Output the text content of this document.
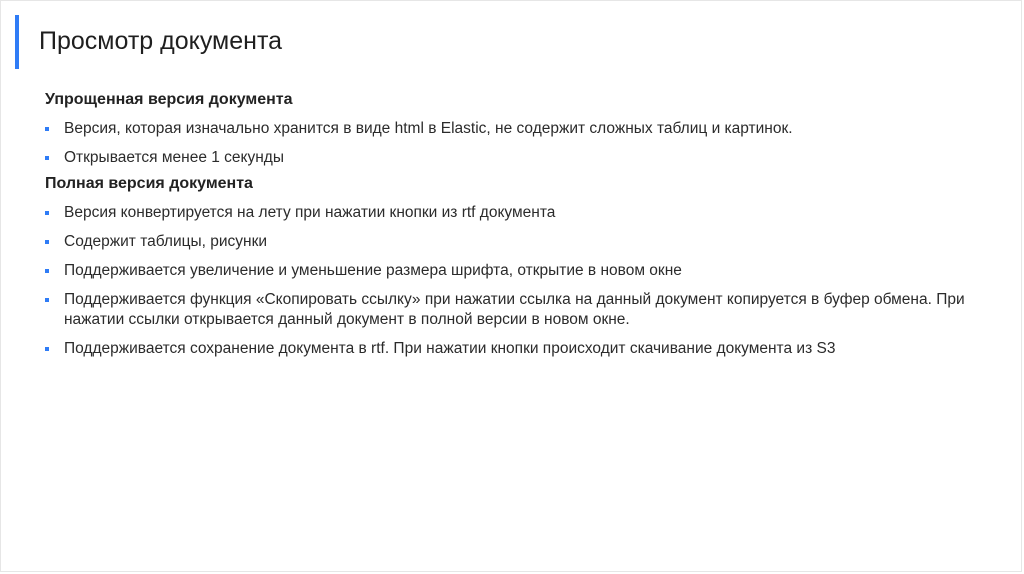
Просмотр документа
Упрощенная версия документа
Версия, которая изначально хранится в виде html в Elastic, не содержит сложных таблиц и картинок.
Открывается менее 1 секунды
Полная версия документа
Версия конвертируется на лету при нажатии кнопки из rtf документа
Содержит таблицы, рисунки
Поддерживается увеличение и уменьшение размера шрифта, открытие в новом окне
Поддерживается функция «Скопировать ссылку» при нажатии ссылка на данный документ копируется в буфер обмена. При нажатии ссылки открывается данный документ в полной версии в новом окне.
Поддерживается сохранение документа в rtf. При нажатии кнопки происходит скачивание документа из S3
